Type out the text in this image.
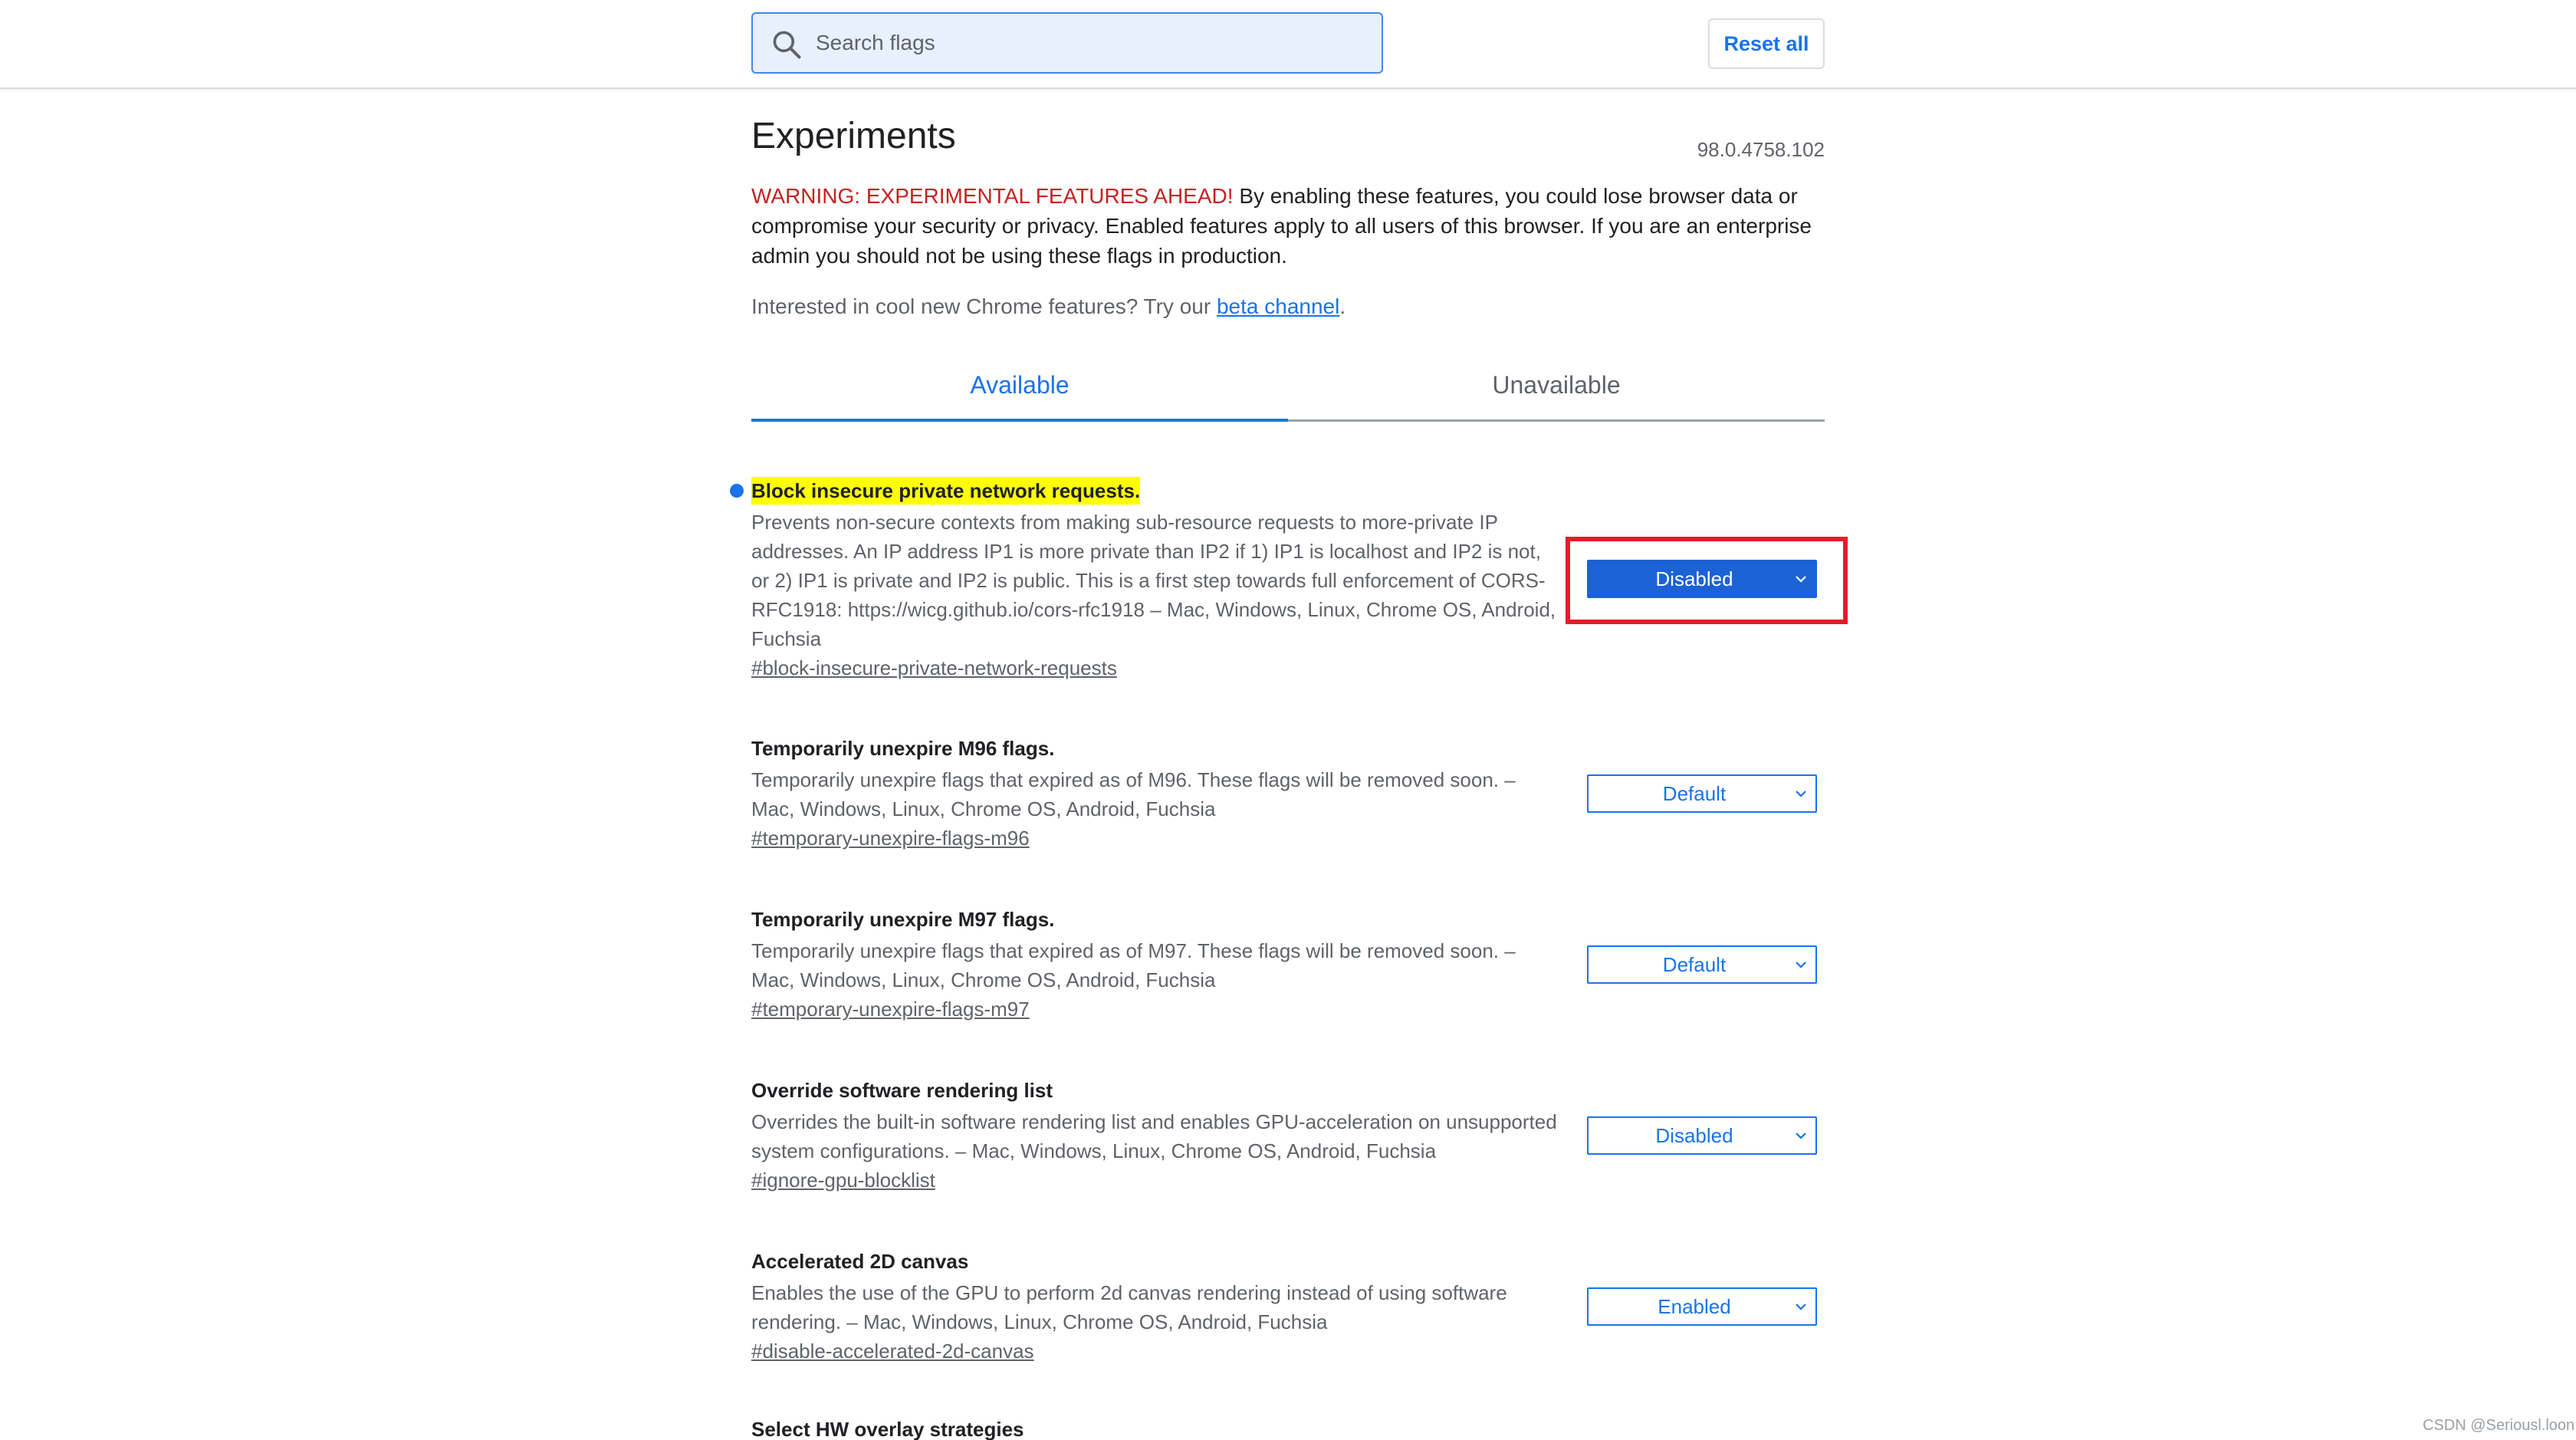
Search flags
Reset all
Experiments	98.0.4758.102
WARNING: EXPERIMENTAL FEATURES AHEAD! By enabling these features, you could lose browser data or compromise your security or privacy. Enabled features apply to all users of this browser. If you are an enterprise admin you should not be using these flags in production.
Interested in cool new Chrome features? Try our beta channel.
Available	Unavailable
Block insecure private network requests.
Prevents non-secure contexts from making sub-resource requests to more-private IP addresses. An IP address IP1 is more private than IP2 if 1) IP1 is localhost and IP2 is not, or 2) IP1 is private and IP2 is public. This is a first step towards full enforcement of CORS-RFC1918: https://wicg.github.io/cors-rfc1918 – Mac, Windows, Linux, Chrome OS, Android, Fuchsia
#block-insecure-private-network-requests
Disabled
Temporarily unexpire M96 flags.
Temporarily unexpire flags that expired as of M96. These flags will be removed soon. – Mac, Windows, Linux, Chrome OS, Android, Fuchsia
#temporary-unexpire-flags-m96
Default
Temporarily unexpire M97 flags.
Temporarily unexpire flags that expired as of M97. These flags will be removed soon. – Mac, Windows, Linux, Chrome OS, Android, Fuchsia
#temporary-unexpire-flags-m97
Default
Override software rendering list
Overrides the built-in software rendering list and enables GPU-acceleration on unsupported system configurations. – Mac, Windows, Linux, Chrome OS, Android, Fuchsia
#ignore-gpu-blocklist
Disabled
Accelerated 2D canvas
Enables the use of the GPU to perform 2d canvas rendering instead of using software rendering. – Mac, Windows, Linux, Chrome OS, Android, Fuchsia
#disable-accelerated-2d-canvas
Enabled
Select HW overlay strategies	CSDN @Seriousl.loon
